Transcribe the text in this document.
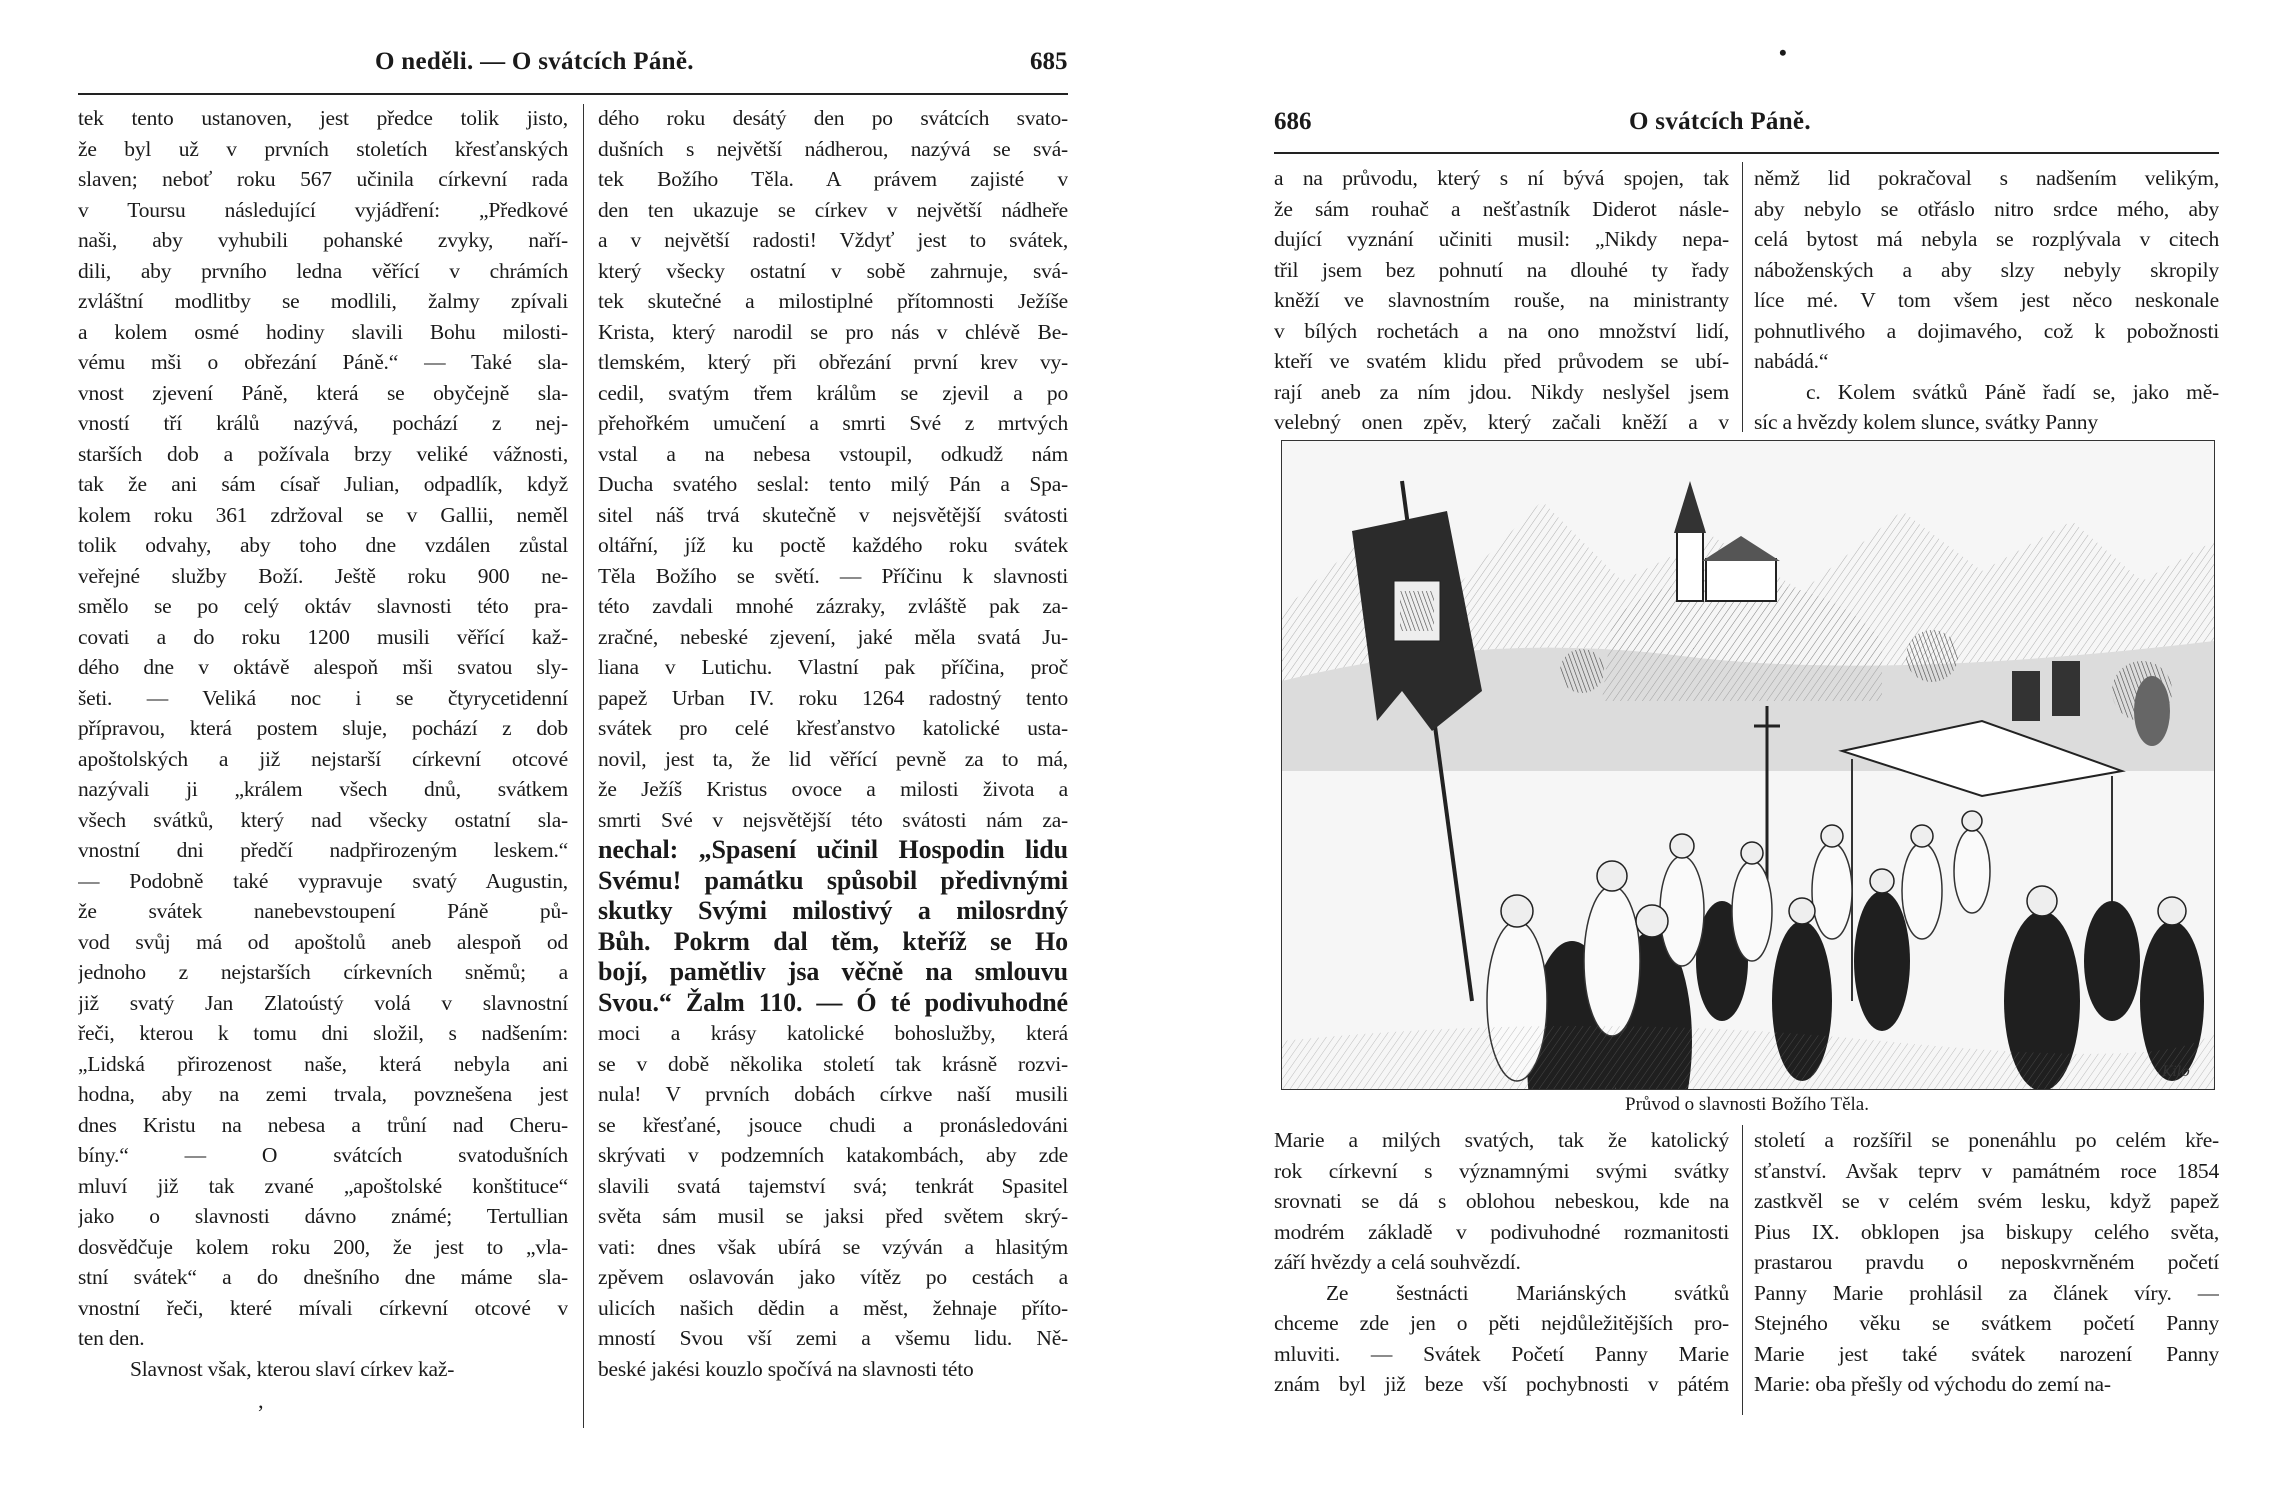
O neděli. — O svátcích Páně.	685
tek tento ustanoven, jest předce tolik jisto,
že byl už v prvních stoletích křesťanských
slaven; neboť roku 567 učinila církevní rada
v Toursu následující vyjádření: „Předkové
naši, aby vyhubili pohanské zvyky, naří-
dili, aby prvního ledna věřící v chrámích
zvláštní modlitby se modlili, žalmy zpívali
a kolem osmé hodiny slavili Bohu milosti-
vému mši o obřezání Páně.“ — Také sla-
vnost zjevení Páně, která se obyčejně sla-
vností tří králů nazývá, pochází z nej-
starších dob a požívala brzy veliké vážnosti,
tak že ani sám císař Julian, odpadlík, když
kolem roku 361 zdržoval se v Gallii, neměl
tolik odvahy, aby toho dne vzdálen zůstal
veřejné služby Boží. Ještě roku 900 ne-
smělo se po celý oktáv slavnosti této pra-
covati a do roku 1200 musili věřící kaž-
dého dne v oktávě alespoň mši svatou sly-
šeti. — Veliká noc i se čtyrycetidenní
přípravou, která postem sluje, pochází z dob
apoštolských a již nejstarší církevní otcové
nazývali ji „králem všech dnů, svátkem
všech svátků, který nad všecky ostatní sla-
vnostní dni předčí nadpřirozeným leskem.“
— Podobně také vypravuje svatý Augustin,
že svátek nanebevstoupení Páně pů-
vod svůj má od apoštolů aneb alespoň od
jednoho z nejstarších církevních sněmů; a
již svatý Jan Zlatoústý volá v slavnostní
řeči, kterou k tomu dni složil, s nadšením:
„Lidská přirozenost naše, která nebyla ani
hodna, aby na zemi trvala, povznešena jest
dnes Kristu na nebesa a trůní nad Cheru-
bíny.“ — O svátcích svatodušních
mluví již tak zvané „apoštolské konštituce“
jako o slavnosti dávno známé; Tertullian
dosvědčuje kolem roku 200, že jest to „vla-
stní svátek“ a do dnešního dne máme sla-
vnostní řeči, které mívali církevní otcové v
ten den.
Slavnost však, kterou slaví církev kaž-
dého roku desátý den po svátcích svato-
dušních s největší nádherou, nazývá se svá-
tek Božího Těla. A právem zajisté v
den ten ukazuje se církev v největší nádheře
a v největší radosti! Vždyť jest to svátek,
který všecky ostatní v sobě zahrnuje, svá-
tek skutečné a milostiplné přítomnosti Ježíše
Krista, který narodil se pro nás v chlévě Be-
tlemském, který při obřezání první krev vy-
cedil, svatým třem králům se zjevil a po
přehořkém umučení a smrti Své z mrtvých
vstal a na nebesa vstoupil, odkudž nám
Ducha svatého seslal: tento milý Pán a Spa-
sitel náš trvá skutečně v nejsvětější svátosti
oltářní, jíž ku poctě každého roku svátek
Těla Božího se světí. — Příčinu k slavnosti
této zavdali mnohé zázraky, zvláště pak za-
zračné, nebeské zjevení, jaké měla svatá Ju-
liana v Lutichu. Vlastní pak příčina, proč
papež Urban IV. roku 1264 radostný tento
svátek pro celé křesťanstvo katolické usta-
novil, jest ta, že lid věřící pevně za to má,
že Ježíš Kristus ovoce a milosti života a
smrti Své v nejsvětější této svátosti nám za-
nechal: „Spasení učinil Hospodin lidu
Svému! památku spůsobil předivnými
skutky Svými milostivý a milosrdný
Bůh. Pokrm dal těm, kteříž se Ho
bojí, pamětliv jsa věčně na smlouvu
Svou.“ Žalm 110. — Ó té podivuhodné
moci a krásy katolické bohoslužby, která
se v době několika století tak krásně rozvi-
nula! V prvních dobách církve naší musili
se křesťané, jsouce chudi a pronásledováni
skrývati v podzemních katakombách, aby zde
slavili svatá tajemství svá; tenkrát Spasitel
světa sám musil se jaksi před světem skrý-
vati: dnes však ubírá se vzýván a hlasitým
zpěvem oslavován jako vítěz po cestách a
ulicích našich dědin a měst, žehnaje příto-
mností Svou vší zemi a všemu lidu. Ně-
beské jakési kouzlo spočívá na slavnosti této
‚
•
686	O svátcích Páně.
a na průvodu, který s ní bývá spojen, tak
že sám rouhač a nešťastník Diderot násle-
dující vyznání učiniti musil: „Nikdy nepa-
třil jsem bez pohnutí na dlouhé ty řady
kněží ve slavnostním rouše, na ministranty
v bílých rochetách a na ono množství lidí,
kteří ve svatém klidu před průvodem se ubí-
rají aneb za ním jdou. Nikdy neslyšel jsem
velebný onen zpěv, který začali kněží a v
němž lid pokračoval s nadšením velikým,
aby nebylo se otřáslo nitro srdce mého, aby
celá bytost má nebyla se rozplývala v citech
náboženských a aby slzy nebyly skropily
líce mé. V tom všem jest něco neskonale
pohnutlivého a dojimavého, což k pobožnosti
nabádá.“
c. Kolem svátků Páně řadí se, jako mě-
síc a hvězdy kolem slunce, svátky Panny
Kilo
Průvod o slavnosti Božího Těla.
Marie a milých svatých, tak že katolický
rok církevní s významnými svými svátky
srovnati se dá s oblohou nebeskou, kde na
modrém základě v podivuhodné rozmanitosti
září hvězdy a celá souhvězdí.
Ze šestnácti Mariánských svátků
chceme zde jen o pěti nejdůležitějších pro-
mluviti. — Svátek Početí Panny Marie
znám byl již beze vší pochybnosti v pátém
století a rozšířil se ponenáhlu po celém kře-
sťanství. Avšak teprv v památném roce 1854
zastkvěl se v celém svém lesku, když papež
Pius IX. obklopen jsa biskupy celého světa,
prastarou pravdu o neposkvrněném početí
Panny Marie prohlásil za článek víry. —
Stejného věku se svátkem početí Panny
Marie jest také svátek narození Panny
Marie: oba přešly od východu do zemí na-
